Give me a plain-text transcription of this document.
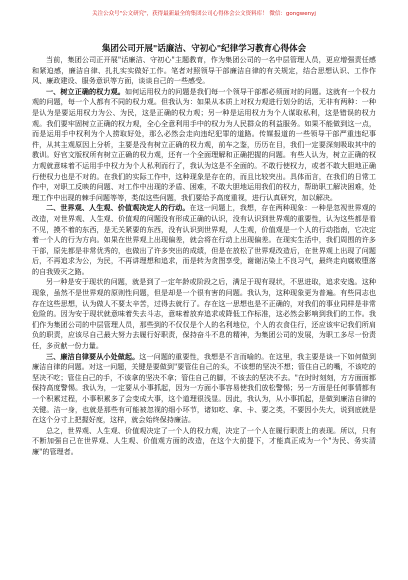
关注公众号"公文研究"，获得最新最全的集团公司心得体会公文资料库！ 微信：gongwenyj
集团公司开展"话廉洁、守初心"纪律学习教育心得体会

当前，集团公司正开展"话廉洁、守初心"主题教育，作为集团公司的一名中层管理人员，更应增强责任感和紧迫感，廉洁自律、扎扎实实做好工作。笔者对照领导干部廉洁自律的有关规定，结合思想认识、工作作风、廉政建设、服务意识等方面，谈谈自己的一些感受。

一、树立正确的权力观。如何运用权力的问题是我们每一个领导干部都必须面对的问题。这就有一个权力观的问题，每一个人都有不同的权力观。但我认为：如果从本质上对权力观进行划分的话，无非有两种：一种是认为是要运用权力为公、为民，这是正确的权力观；另一种是运用权力为个人谋取私利，这是错误的权力观。我们要牢固树立正确的权力观，全心全意利用手中的权力为人民群众的利益服务。如果不能做到这一点，而是运用手中权利为个人捞取好处，那么必然会走向违纪犯罪的道路。传媒报道的一些领导干部严重违纪事件，从其主观原因上分析，主要是没有树立正确的权力观，前车之鉴，历历在目，我们一定要深刻吸取其中的教训。好官文版权所有树立正确的权力观，还有一个全面理解和正确把握的问题。有些人认为，树立正确的权力观就意味着不运用手中权力为个人私利而行了，我认为这是不全面的。不敢行使权力，或者不敢大胆地正确行使权力也是不对的。在我们的实际工作中，这种现象是存在的，而且比较突出。具体而言，在我们的日常工作中，对职工反映的问题、对工作中出现的矛盾、困难，不敢大胆地运用我们的权力，帮助职工解决困难，处理工作中出现的棘手问题等等，类似这些问题，我们要给予高度重视，进行认真研究，加以解决。

二、世界观、人生观、价值观决定人的行动。在这一问题上，我想，存在两种现象：一种是忽视世界观的改造，对世界观、人生观、价值观的问题没有形成正确的认识，没有认识到世界观的重要性，认为这些都是看不见，摸不着的东西，是无关紧要的东西，没有认识到世界观，人生观，价值观是一个人的行动指南，它决定着一个人的行为方向。如果在世界观上出现偏差，就会将在行动上出现偏差。在现实生活中，我们周围的许多干部，原先都是非常优秀的，也做出了许多突出的成绩，但是在放松了世界观改造后，在世界观上出现了问题后，不再追求为公，为民，不再讲理想和追求，而是转为贪图享受，谢谢沾染上不良习气，最终走向腐败堕落的自我毁灭之路。

另一种是安于现状的问题，就是到了一定年龄或阶段之后，满足于现有现状，不思进取，追求安逸。这种现象，虽然不是世界观的原则性问题，但是却是一个很有害的问题。我认为，这种现象更为普遍。有些同志也存在这些思想，认为做人不要太辛苦，过得去就行了。存在这一思想也是不正确的，对我们的事业同样是非常危险的。因为安于现状就意味着失去斗志，意味着放弃追求或降低工作标准，这必然会影响到我们的工作。我们作为集团公司的中层管理人员，那些到的不仅仅是个人的名利地位，个人的衣食住行，还应该牢记我们所肩负的职责，应该尽自己最大努力去履行好职责，保持奋斗不息的精神，为集团公司的发展，为职工多尽一份责任，多贡献一份力量。

三、廉洁自律要从小处做起。这一问题的重要性，我想是不言而喻的。在这里，我主要是谈一下如何做到廉洁自律的问题。对这一问题，关键是要做到"要管住自己的头，不该想的坚决不想；管住自己的嘴，不该吃的坚决不吃；管住自己的手，不该拿的坚决不拿；管住自己的脚，不该去的坚决不去。"在时时刻刻，方方面面都保持高度警惕。我认为，一定要从小事抓起，因为一方面小事容易使我们放松警惕；另一方面是任何事情都有一个积累过程，小事积累多了会变成大事，这个道理很浅显。因此，我认为，从小事抓起，是做到廉洁自律的关键。洁一身，也就是那些有可能被忽视的细小环节，诸如吃、拿、卡、要之类，不要因小失大，说到底就是在这个分寸上把握好度，这样，就会始终保持廉洁。

总之，世界观、人生观、价值观决定了一个人的权力观，决定了一个人在履行职责上的表现。所以，只有不断加强自己在世界观、人生观、价值观方面的改造，在这个大前提下，才能真正成为一个"为民、务实清廉"的管理者。
